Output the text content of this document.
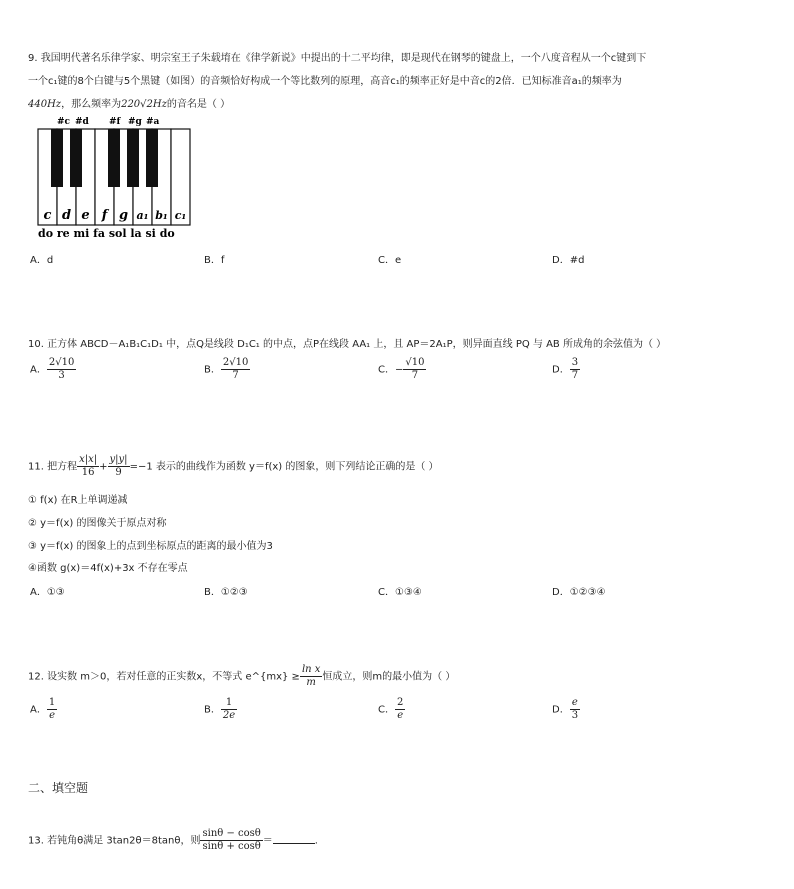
9. 我国明代著名乐律学家、明宗室王子朱载堉在《律学新说》中提出的十二平均律，即是现代在钢琴的键盘上，一个八度音程从一个c键到下
一个c₁键的8个白键与5个黑键（如图）的音频恰好构成一个等比数列的原理，高音c₁的频率正好是中音c的2倍．已知标准音a₁的频率为
440Hz，那么频率为220√2Hz的音名是（ ）
#c #d #f #g #a
c d e f g a₁ b₁ c₁
do re mi fa sol la si do
A．d	B．f	C．e	D．#d
10. 正方体 ABCD－A₁B₁C₁D₁ 中，点Q是线段 D₁C₁ 的中点，点P在线段 AA₁ 上，且 AP＝2A₁P，则异面直线 PQ 与 AB 所成角的余弦值为（ ）
A． $\frac{2√10}{3}$	B． $\frac{2√10}{7}$	C．− $\frac{√10}{7}$	D． $\frac{3}{7}$
11. 把方程 $\frac{x|x|}{16} + \frac{y|y|}{9} =-1$ 表示的曲线作为函数 y＝f(x) 的图象，则下列结论正确的是（ ）
① f(x) 在R上单调递减
② y＝f(x) 的图像关于原点对称
③ y＝f(x) 的图象上的点到坐标原点的距离的最小值为3
④函数 g(x)＝4f(x)+3x 不存在零点
A．①③	B．①②③	C．①③④	D．①②③④
12. 设实数 m＞0，若对任意的正实数x，不等式 e^{mx} ≥ $\frac{\text{ln x}}{m}$ 恒成立，则m的最小值为（ ）
A． $\frac{1}{e}$	B． $\frac{1}{2e}$	C． $\frac{2}{e}$	D． $\frac{e}{3}$
二、填空题
13. 若钝角θ满足 3tan2θ＝8tanθ，则 $\frac{\sin\theta - \cos\theta}{\sin\theta + \cos\theta}$ ＝	.
